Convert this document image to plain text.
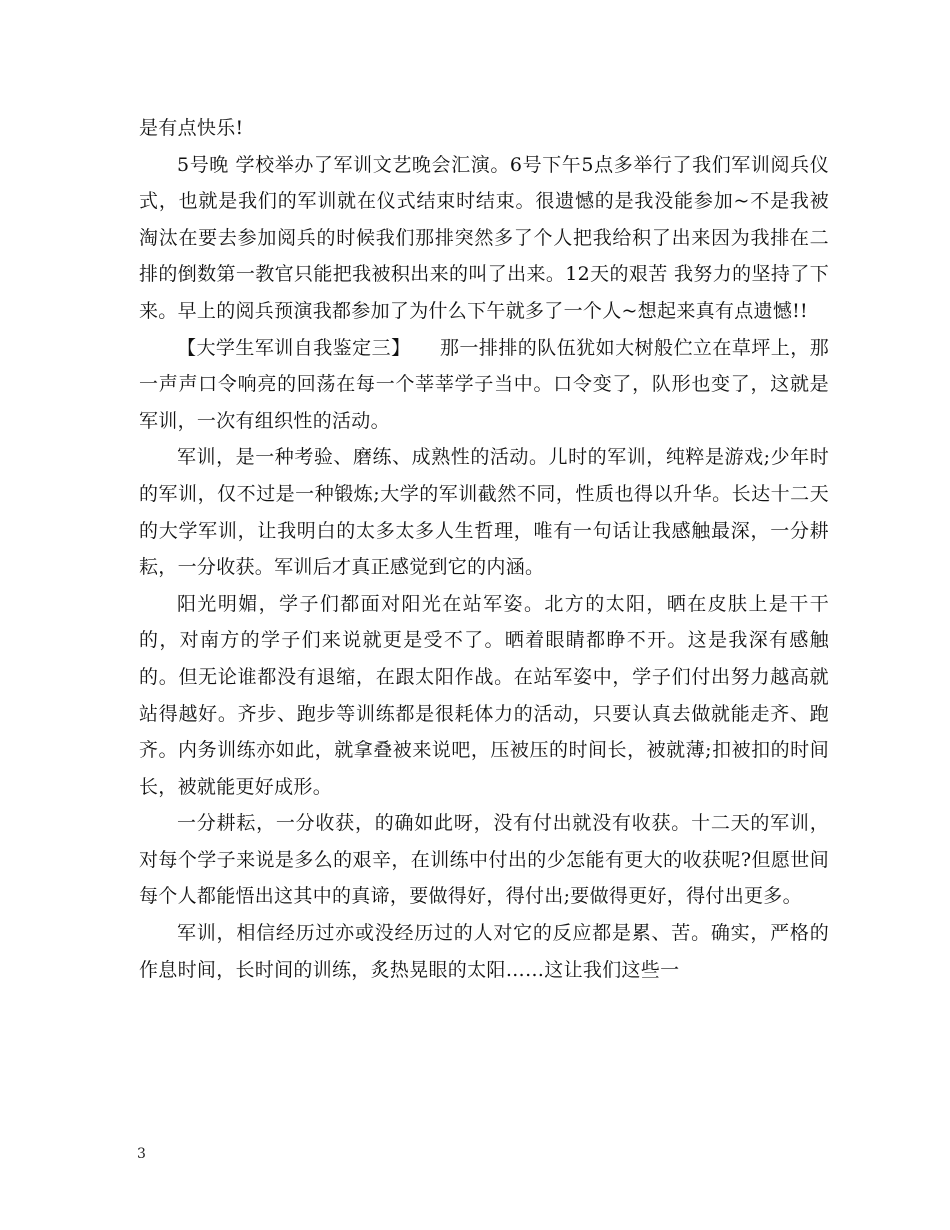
是有点快乐!

5号晚 学校举办了军训文艺晚会汇演。6号下午5点多举行了我们军训阅兵仪式，也就是我们的军训就在仪式结束时结束。很遗憾的是我没能参加~不是我被淘汰在要去参加阅兵的时候我们那排突然多了个人把我给积了出来因为我排在二排的倒数第一教官只能把我被积出来的叫了出来。12天的艰苦 我努力的坚持了下来。早上的阅兵预演我都参加了为什么下午就多了一个人~想起来真有点遗憾!!

【大学生军训自我鉴定三】　　那一排排的队伍犹如大树般伫立在草坪上，那一声声口令响亮的回荡在每一个莘莘学子当中。口令变了，队形也变了，这就是军训，一次有组织性的活动。

军训，是一种考验、磨练、成熟性的活动。儿时的军训，纯粹是游戏;少年时的军训，仅不过是一种锻炼;大学的军训截然不同，性质也得以升华。长达十二天的大学军训，让我明白的太多太多人生哲理，唯有一句话让我感触最深，一分耕耘，一分收获。军训后才真正感觉到它的内涵。

阳光明媚，学子们都面对阳光在站军姿。北方的太阳，晒在皮肤上是干干的，对南方的学子们来说就更是受不了。晒着眼睛都睁不开。这是我深有感触的。但无论谁都没有退缩，在跟太阳作战。在站军姿中，学子们付出努力越高就站得越好。齐步、跑步等训练都是很耗体力的活动，只要认真去做就能走齐、跑齐。内务训练亦如此，就拿叠被来说吧，压被压的时间长，被就薄;扣被扣的时间长，被就能更好成形。

一分耕耘，一分收获，的确如此呀，没有付出就没有收获。十二天的军训，对每个学子来说是多么的艰辛，在训练中付出的少怎能有更大的收获呢?但愿世间每个人都能悟出这其中的真谛，要做得好，得付出;要做得更好，得付出更多。

军训，相信经历过亦或没经历过的人对它的反应都是累、苦。确实，严格的作息时间，长时间的训练，炙热晃眼的太阳……这让我们这些一

3
